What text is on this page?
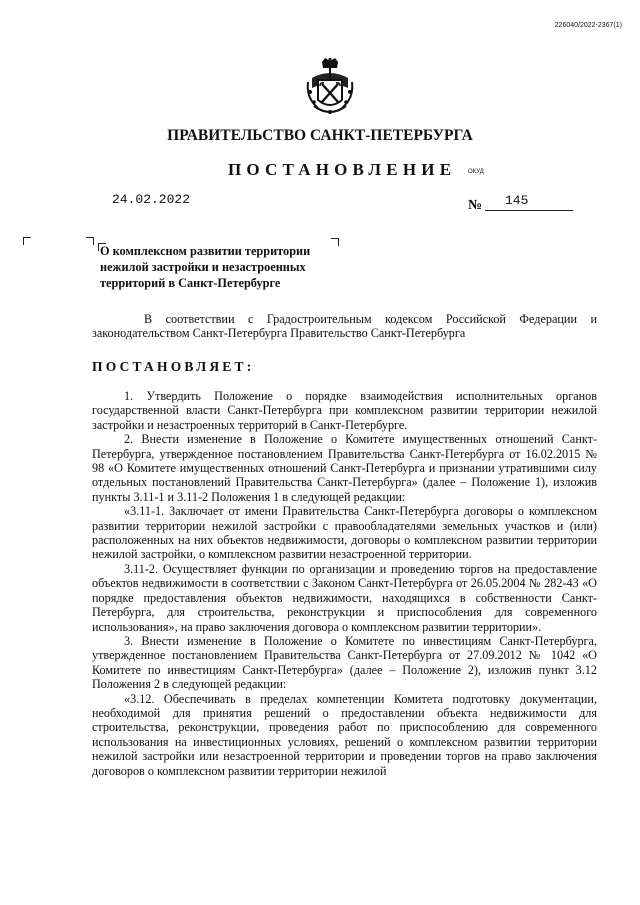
226040/2022-2367(1)
ПРАВИТЕЛЬСТВО САНКТ-ПЕТЕРБУРГА
ПОСТАНОВЛЕНИЕ ОКУД
24.02.2022	№	145
О комплексном развитии территории нежилой застройки и незастроенных территорий в Санкт-Петербурге

В соответствии с Градостроительным кодексом Российской Федерации и законодательством Санкт-Петербурга Правительство Санкт-Петербурга

ПОСТАНОВЛЯЕТ:

1. Утвердить Положение о порядке взаимодействия исполнительных органов государственной власти Санкт-Петербурга при комплексном развитии территории нежилой застройки и незастроенных территорий в Санкт-Петербурге.

2. Внести изменение в Положение о Комитете имущественных отношений Санкт-Петербурга, утвержденное постановлением Правительства Санкт-Петербурга от 16.02.2015 № 98 «О Комитете имущественных отношений Санкт-Петербурга и признании утратившими силу отдельных постановлений Правительства Санкт-Петербурга» (далее – Положение 1), изложив пункты 3.11-1 и 3.11-2 Положения 1 в следующей редакции:

«3.11-1. Заключает от имени Правительства Санкт-Петербурга договоры о комплексном развитии территории нежилой застройки с правообладателями земельных участков и (или) расположенных на них объектов недвижимости, договоры о комплексном развитии территории нежилой застройки, о комплексном развитии незастроенной территории.

3.11-2. Осуществляет функции по организации и проведению торгов на предоставление объектов недвижимости в соответствии с Законом Санкт-Петербурга от 26.05.2004 № 282-43 «О порядке предоставления объектов недвижимости, находящихся в собственности Санкт-Петербурга, для строительства, реконструкции и приспособления для современного использования», на право заключения договора о комплексном развитии территории».

3. Внести изменение в Положение о Комитете по инвестициям Санкт-Петербурга, утвержденное постановлением Правительства Санкт-Петербурга от 27.09.2012 № 1042 «О Комитете по инвестициям Санкт-Петербурга» (далее – Положение 2), изложив пункт 3.12 Положения 2 в следующей редакции:

«3.12. Обеспечивать в пределах компетенции Комитета подготовку документации, необходимой для принятия решений о предоставлении объекта недвижимости для строительства, реконструкции, проведения работ по приспособлению для современного использования на инвестиционных условиях, решений о комплексном развитии территории нежилой застройки или незастроенной территории и проведении торгов на право заключения договоров о комплексном развитии территории нежилой
